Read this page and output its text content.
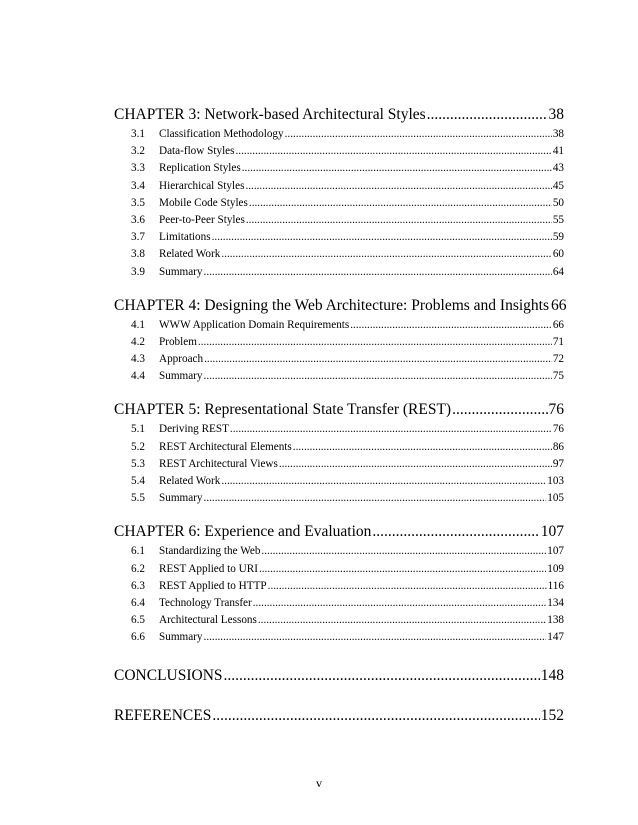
CHAPTER 3: Network-based Architectural Styles .....	38
3.1	Classification Methodology .....	38
3.2	Data-flow Styles .....	41
3.3	Replication Styles .....	43
3.4	Hierarchical Styles .....	45
3.5	Mobile Code Styles .....	50
3.6	Peer-to-Peer Styles .....	55
3.7	Limitations .....	59
3.8	Related Work .....	60
3.9	Summary .....	64
CHAPTER 4: Designing the Web Architecture: Problems and Insights 66
4.1	WWW Application Domain Requirements .....	66
4.2	Problem .....	71
4.3	Approach .....	72
4.4	Summary .....	75
CHAPTER 5: Representational State Transfer (REST) .....	76
5.1	Deriving REST .....	76
5.2	REST Architectural Elements .....	86
5.3	REST Architectural Views .....	97
5.4	Related Work .....	103
5.5	Summary .....	105
CHAPTER 6: Experience and Evaluation .....	107
6.1	Standardizing the Web .....	107
6.2	REST Applied to URI .....	109
6.3	REST Applied to HTTP .....	116
6.4	Technology Transfer .....	134
6.5	Architectural Lessons .....	138
6.6	Summary .....	147
CONCLUSIONS .....	148
REFERENCES .....	152
v
